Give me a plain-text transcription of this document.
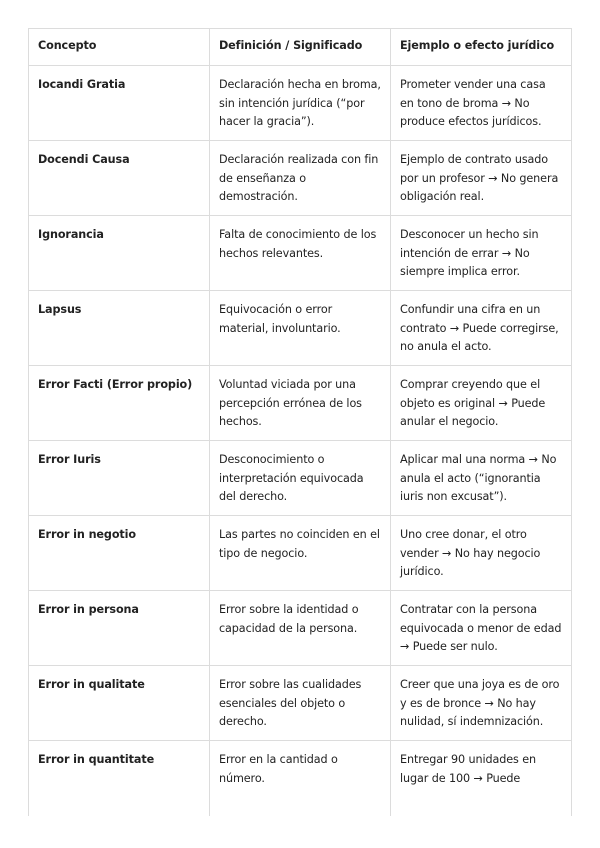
Concepto	Definición / Significado	Ejemplo o efecto jurídico
Iocandi Gratia	Declaración hecha en broma, sin intención jurídica (“por hacer la gracia”).	Prometer vender una casa en tono de broma → No produce efectos jurídicos.
Docendi Causa	Declaración realizada con fin de enseñanza o demostración.	Ejemplo de contrato usado por un profesor → No genera obligación real.
Ignorancia	Falta de conocimiento de los hechos relevantes.	Desconocer un hecho sin intención de errar → No siempre implica error.
Lapsus	Equivocación o error material, involuntario.	Confundir una cifra en un contrato → Puede corregirse, no anula el acto.
Error Facti (Error propio)	Voluntad viciada por una percepción errónea de los hechos.	Comprar creyendo que el objeto es original → Puede anular el negocio.
Error Iuris	Desconocimiento o interpretación equivocada del derecho.	Aplicar mal una norma → No anula el acto (“ignorantia iuris non excusat”).
Error in negotio	Las partes no coinciden en el tipo de negocio.	Uno cree donar, el otro vender → No hay negocio jurídico.
Error in persona	Error sobre la identidad o capacidad de la persona.	Contratar con la persona equivocada o menor de edad → Puede ser nulo.
Error in qualitate	Error sobre las cualidades esenciales del objeto o derecho.	Creer que una joya es de oro y es de bronce → No hay nulidad, sí indemnización.
Error in quantitate	Error en la cantidad o número.	Entregar 90 unidades en lugar de 100 → Puede
